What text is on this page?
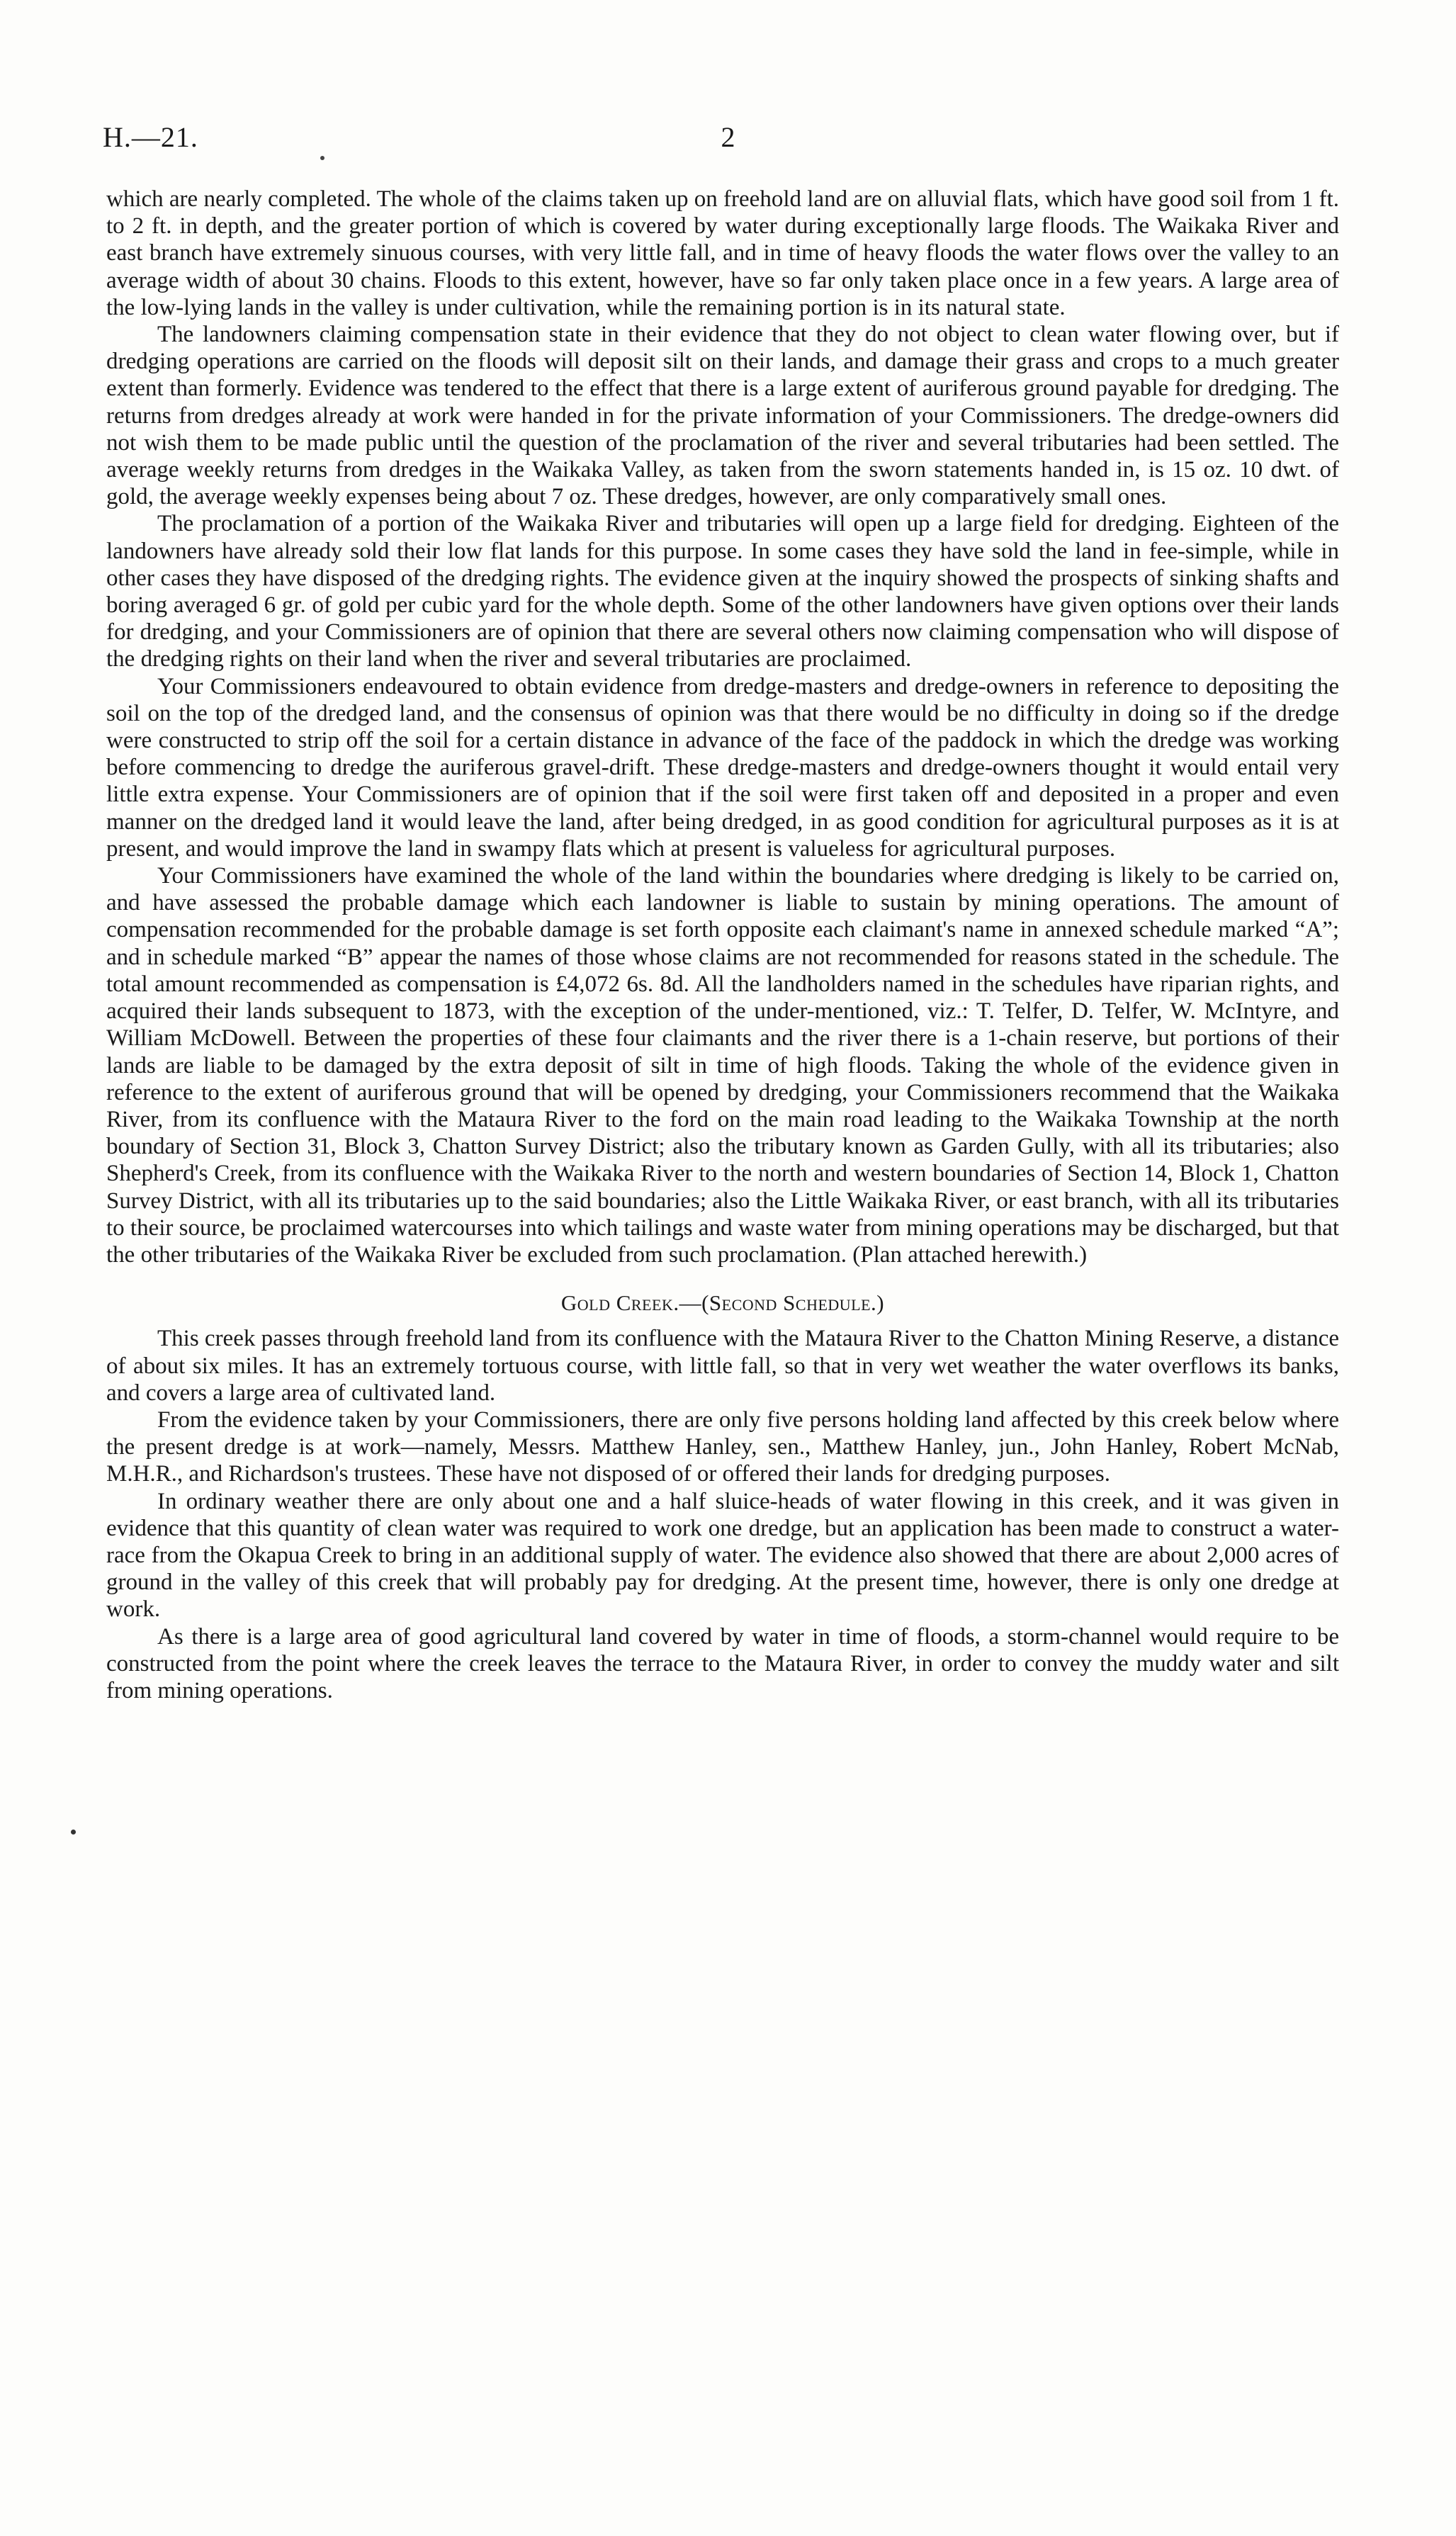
H.—21.	2

which are nearly completed. The whole of the claims taken up on freehold land are on alluvial flats, which have good soil from 1 ft. to 2 ft. in depth, and the greater portion of which is covered by water during exceptionally large floods. The Waikaka River and east branch have extremely sinuous courses, with very little fall, and in time of heavy floods the water flows over the valley to an average width of about 30 chains. Floods to this extent, however, have so far only taken place once in a few years. A large area of the low-lying lands in the valley is under cultivation, while the remaining portion is in its natural state.

The landowners claiming compensation state in their evidence that they do not object to clean water flowing over, but if dredging operations are carried on the floods will deposit silt on their lands, and damage their grass and crops to a much greater extent than formerly. Evidence was tendered to the effect that there is a large extent of auriferous ground payable for dredging. The returns from dredges already at work were handed in for the private information of your Commissioners. The dredge-owners did not wish them to be made public until the question of the proclamation of the river and several tributaries had been settled. The average weekly returns from dredges in the Waikaka Valley, as taken from the sworn statements handed in, is 15 oz. 10 dwt. of gold, the average weekly expenses being about 7 oz. These dredges, however, are only comparatively small ones.

The proclamation of a portion of the Waikaka River and tributaries will open up a large field for dredging. Eighteen of the landowners have already sold their low flat lands for this purpose. In some cases they have sold the land in fee-simple, while in other cases they have disposed of the dredging rights. The evidence given at the inquiry showed the prospects of sinking shafts and boring averaged 6 gr. of gold per cubic yard for the whole depth. Some of the other landowners have given options over their lands for dredging, and your Commissioners are of opinion that there are several others now claiming compensation who will dispose of the dredging rights on their land when the river and several tributaries are proclaimed.

Your Commissioners endeavoured to obtain evidence from dredge-masters and dredge-owners in reference to depositing the soil on the top of the dredged land, and the consensus of opinion was that there would be no difficulty in doing so if the dredge were constructed to strip off the soil for a certain distance in advance of the face of the paddock in which the dredge was working before commencing to dredge the auriferous gravel-drift. These dredge-masters and dredge-owners thought it would entail very little extra expense. Your Commissioners are of opinion that if the soil were first taken off and deposited in a proper and even manner on the dredged land it would leave the land, after being dredged, in as good condition for agricultural purposes as it is at present, and would improve the land in swampy flats which at present is valueless for agricultural purposes.

Your Commissioners have examined the whole of the land within the boundaries where dredging is likely to be carried on, and have assessed the probable damage which each landowner is liable to sustain by mining operations. The amount of compensation recommended for the probable damage is set forth opposite each claimant's name in annexed schedule marked “A”; and in schedule marked “B” appear the names of those whose claims are not recommended for reasons stated in the schedule. The total amount recommended as compensation is £4,072 6s. 8d. All the landholders named in the schedules have riparian rights, and acquired their lands subsequent to 1873, with the exception of the under-mentioned, viz.: T. Telfer, D. Telfer, W. McIntyre, and William McDowell. Between the properties of these four claimants and the river there is a 1-chain reserve, but portions of their lands are liable to be damaged by the extra deposit of silt in time of high floods. Taking the whole of the evidence given in reference to the extent of auriferous ground that will be opened by dredging, your Commissioners recommend that the Waikaka River, from its confluence with the Mataura River to the ford on the main road leading to the Waikaka Township at the north boundary of Section 31, Block 3, Chatton Survey District; also the tributary known as Garden Gully, with all its tributaries; also Shepherd's Creek, from its confluence with the Waikaka River to the north and western boundaries of Section 14, Block 1, Chatton Survey District, with all its tributaries up to the said boundaries; also the Little Waikaka River, or east branch, with all its tributaries to their source, be proclaimed watercourses into which tailings and waste water from mining operations may be discharged, but that the other tributaries of the Waikaka River be excluded from such proclamation. (Plan attached herewith.)

Gold Creek.—(Second Schedule.)

This creek passes through freehold land from its confluence with the Mataura River to the Chatton Mining Reserve, a distance of about six miles. It has an extremely tortuous course, with little fall, so that in very wet weather the water overflows its banks, and covers a large area of cultivated land.

From the evidence taken by your Commissioners, there are only five persons holding land affected by this creek below where the present dredge is at work—namely, Messrs. Matthew Hanley, sen., Matthew Hanley, jun., John Hanley, Robert McNab, M.H.R., and Richardson's trustees. These have not disposed of or offered their lands for dredging purposes.

In ordinary weather there are only about one and a half sluice-heads of water flowing in this creek, and it was given in evidence that this quantity of clean water was required to work one dredge, but an application has been made to construct a water-race from the Okapua Creek to bring in an additional supply of water. The evidence also showed that there are about 2,000 acres of ground in the valley of this creek that will probably pay for dredging. At the present time, however, there is only one dredge at work.

As there is a large area of good agricultural land covered by water in time of floods, a storm-channel would require to be constructed from the point where the creek leaves the terrace to the Mataura River, in order to convey the muddy water and silt from mining operations.
